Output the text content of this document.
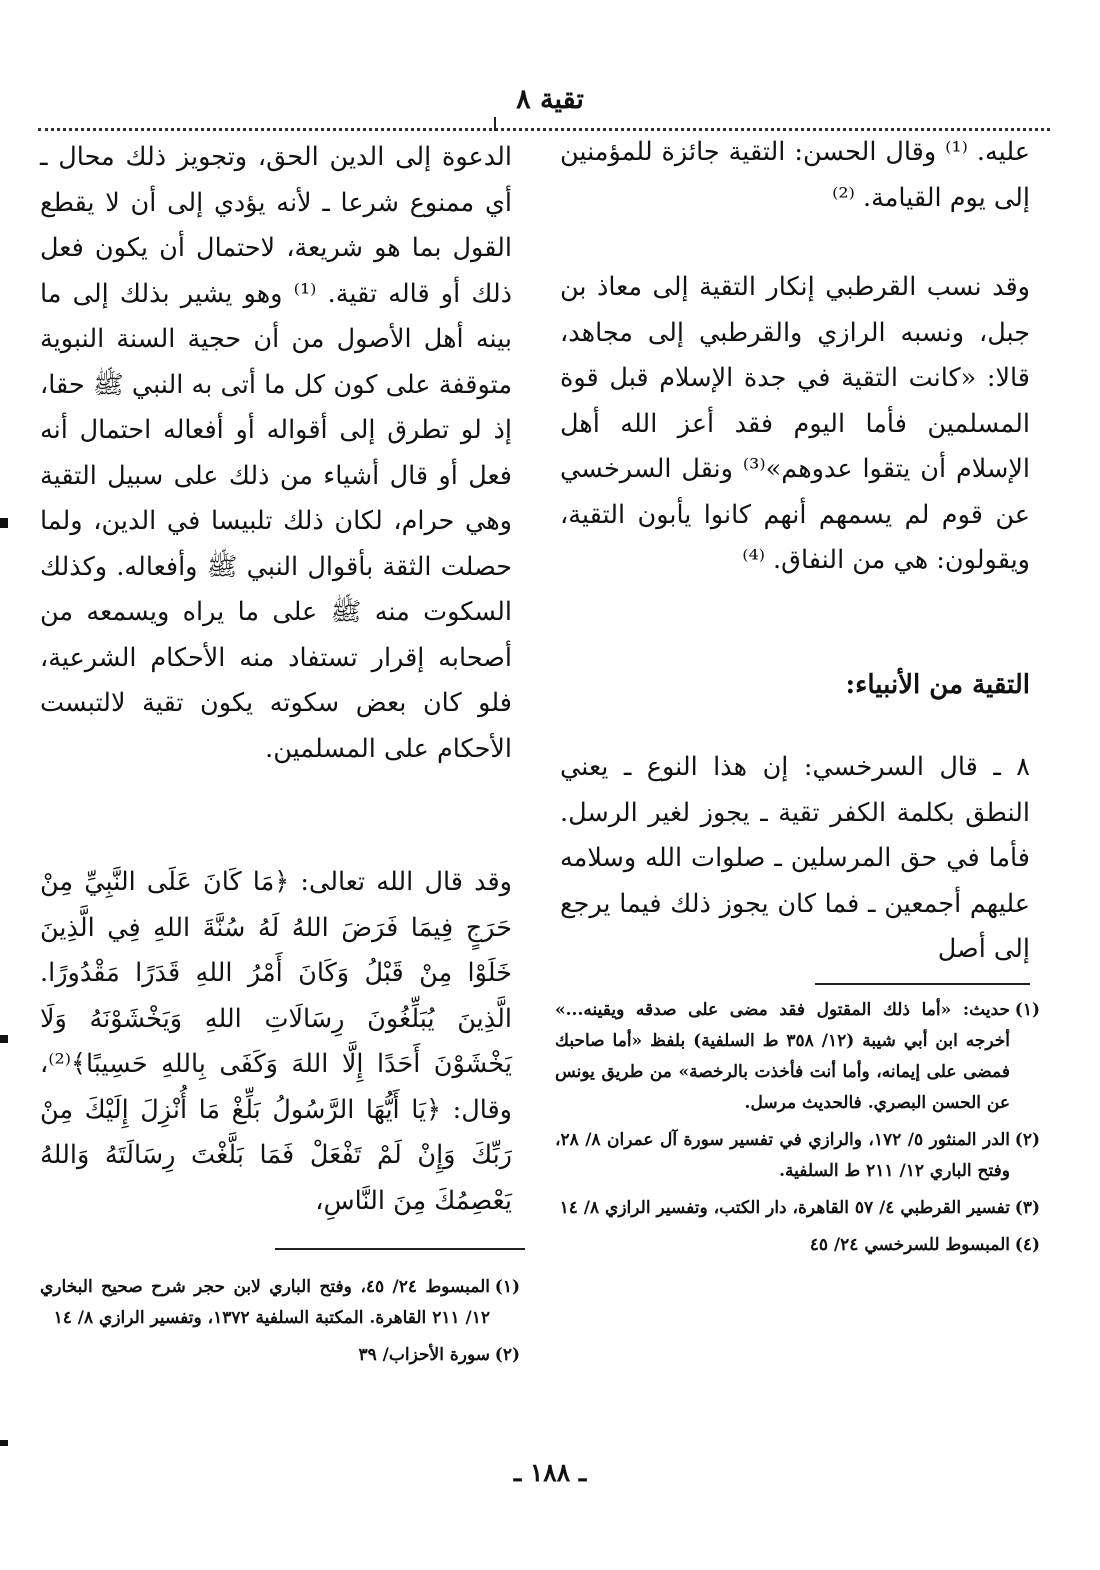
تقية ٨

عليه. ⁽¹⁾ وقال الحسن: التقية جائزة للمؤمنين إلى يوم القيامة. ⁽²⁾

وقد نسب القرطبي إنكار التقية إلى معاذ بن جبل، ونسبه الرازي والقرطبي إلى مجاهد، قالا: «كانت التقية في جدة الإسلام قبل قوة المسلمين فأما اليوم فقد أعز الله أهل الإسلام أن يتقوا عدوهم»⁽³⁾ ونقل السرخسي عن قوم لم يسمهم أنهم كانوا يأبون التقية، ويقولون: هي من النفاق. ⁽⁴⁾

التقية من الأنبياء:

٨ ـ قال السرخسي: إن هذا النوع ـ يعني النطق بكلمة الكفر تقية ـ يجوز لغير الرسل. فأما في حق المرسلين ـ صلوات الله وسلامه عليهم أجمعين ـ فما كان يجوز ذلك فيما يرجع إلى أصل

الدعوة إلى الدين الحق، وتجويز ذلك محال ـ أي ممنوع شرعا ـ لأنه يؤدي إلى أن لا يقطع القول بما هو شريعة، لاحتمال أن يكون فعل ذلك أو قاله تقية. ⁽¹⁾ وهو يشير بذلك إلى ما بينه أهل الأصول من أن حجية السنة النبوية متوقفة على كون كل ما أتى به النبي ﷺ حقا، إذ لو تطرق إلى أقواله أو أفعاله احتمال أنه فعل أو قال أشياء من ذلك على سبيل التقية وهي حرام، لكان ذلك تلبيسا في الدين، ولما حصلت الثقة بأقوال النبي ﷺ وأفعاله. وكذلك السكوت منه ﷺ على ما يراه ويسمعه من أصحابه إقرار تستفاد منه الأحكام الشرعية، فلو كان بعض سكوته يكون تقية لالتبست الأحكام على المسلمين.

وقد قال الله تعالى: ﴿مَا كَانَ عَلَى النَّبِيِّ مِنْ حَرَجٍ فِيمَا فَرَضَ اللهُ لَهُ سُنَّةَ اللهِ فِي الَّذِينَ خَلَوْا مِنْ قَبْلُ وَكَانَ أَمْرُ اللهِ قَدَرًا مَقْدُورًا. الَّذِينَ يُبَلِّغُونَ رِسَالَاتِ اللهِ وَيَخْشَوْنَهُ وَلَا يَخْشَوْنَ أَحَدًا إِلَّا اللهَ وَكَفَى بِاللهِ حَسِيبًا﴾⁽²⁾، وقال: ﴿يَا أَيُّهَا الرَّسُولُ بَلِّغْ مَا أُنْزِلَ إِلَيْكَ مِنْ رَبِّكَ وَإِنْ لَمْ تَفْعَلْ فَمَا بَلَّغْتَ رِسَالَتَهُ وَاللهُ يَعْصِمُكَ مِنَ النَّاسِ،

(١)حديث: «أما ذلك المقتول فقد مضى على صدقه ويقينه...» أخرجه ابن أبي شيبة (١٢/ ٣٥٨ ط السلفية) بلفظ «أما صاحبك فمضى على إيمانه، وأما أنت فأخذت بالرخصة» من طريق يونس عن الحسن البصري. فالحديث مرسل.

(٢)الدر المنثور ٥/ ١٧٢، والرازي في تفسير سورة آل عمران ٨/ ٢٨، وفتح الباري ١٢/ ٢١١ ط السلفية.

(٣)تفسير القرطبي ٤/ ٥٧ القاهرة، دار الكتب، وتفسير الرازي ٨/ ١٤

(٤)المبسوط للسرخسي ٢٤/ ٤٥

(١)المبسوط ٢٤/ ٤٥، وفتح الباري لابن حجر شرح صحيح البخاري ١٢/ ٢١١ القاهرة. المكتبة السلفية ١٣٧٢، وتفسير الرازي ٨/ ١٤

(٢)سورة الأحزاب/ ٣٩

ـ ١٨٨ ـ
